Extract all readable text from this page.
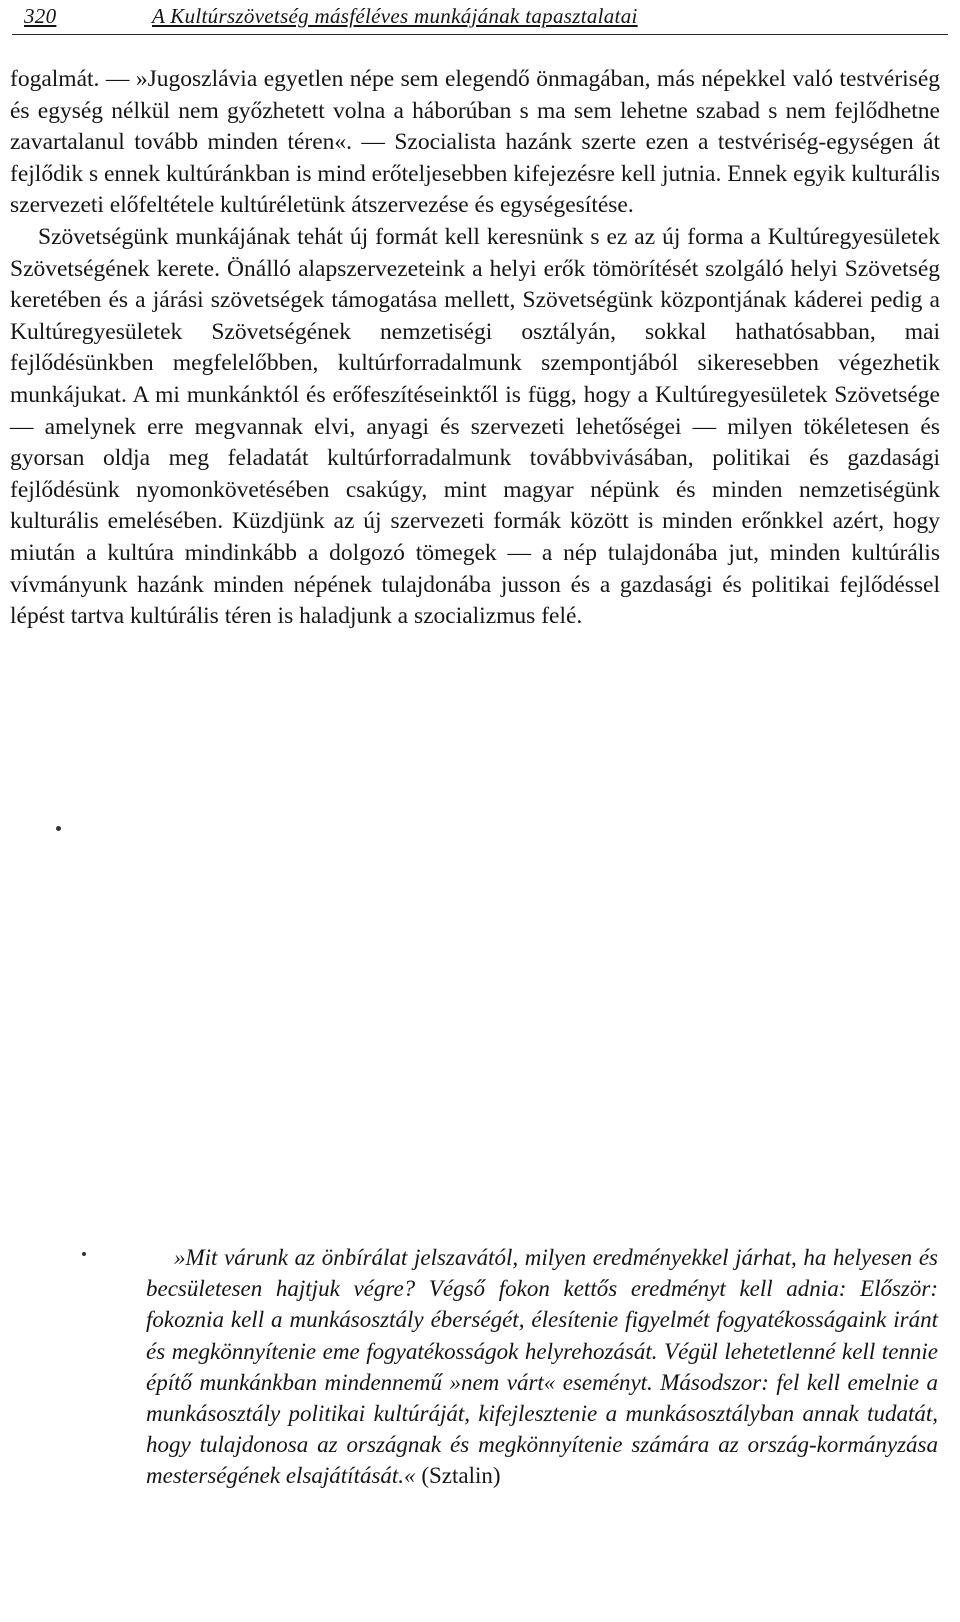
320	A Kultúrszövetség másféléves munkájának tapasztalatai

fogalmát. — »Jugoszlávia egyetlen népe sem elegendő önmagában, más népekkel való testvériség és egység nélkül nem győzhetett volna a háborúban s ma sem lehetne szabad s nem fejlődhetne zavartalanul tovább minden téren«. — Szocialista hazánk szerte ezen a testvériség-egységen át fejlődik s ennek kultúránkban is mind erőteljesebben kifejezésre kell jutnia. Ennek egyik kulturális szervezeti előfeltétele kultúréletünk átszervezése és egységesítése.

Szövetségünk munkájának tehát új formát kell keresnünk s ez az új forma a Kultúregyesületek Szövetségének kerete. Önálló alapszervezeteink a helyi erők tömörítését szolgáló helyi Szövetség keretében és a járási szövetségek támogatása mellett, Szövetségünk központjának káderei pedig a Kultúregyesületek Szövetségének nemzetiségi osztályán, sokkal hathatósabban, mai fejlődésünkben megfelelőbben, kultúrforradalmunk szempontjából sikeresebben végezhetik munkájukat. A mi munkánktól és erőfeszítéseinktől is függ, hogy a Kultúregyesületek Szövetsége — amelynek erre megvannak elvi, anyagi és szervezeti lehetőségei — milyen tökéletesen és gyorsan oldja meg feladatát kultúrforradalmunk továbbvivásában, politikai és gazdasági fejlődésünk nyomonkövetésében csakúgy, mint magyar népünk és minden nemzetiségünk kulturális emelésében. Küzdjünk az új szervezeti formák között is minden erőnkkel azért, hogy miután a kultúra mindinkább a dolgozó tömegek — a nép tulajdonába jut, minden kultúrális vívmányunk hazánk minden népének tulajdonába jusson és a gazdasági és politikai fejlődéssel lépést tartva kultúrális téren is haladjunk a szocializmus felé.

»Mit várunk az önbírálat jelszavától, milyen eredményekkel járhat, ha helyesen és becsületesen hajtjuk végre? Végső fokon kettős eredményt kell adnia: Először: fokoznia kell a munkásosztály éberségét, élesítenie figyelmét fogyatékosságaink iránt és megkönnyítenie eme fogyatékosságok helyrehozását. Végül lehetetlenné kell tennie építő munkánkban mindennemű »nem várt« eseményt. Másodszor: fel kell emelnie a munkásosztály politikai kultúráját, kifejlesztenie a munkásosztályban annak tudatát, hogy tulajdonosa az országnak és megkönnyítenie számára az ország-kormányzása mesterségének elsajátítását.« (Sztalin)
